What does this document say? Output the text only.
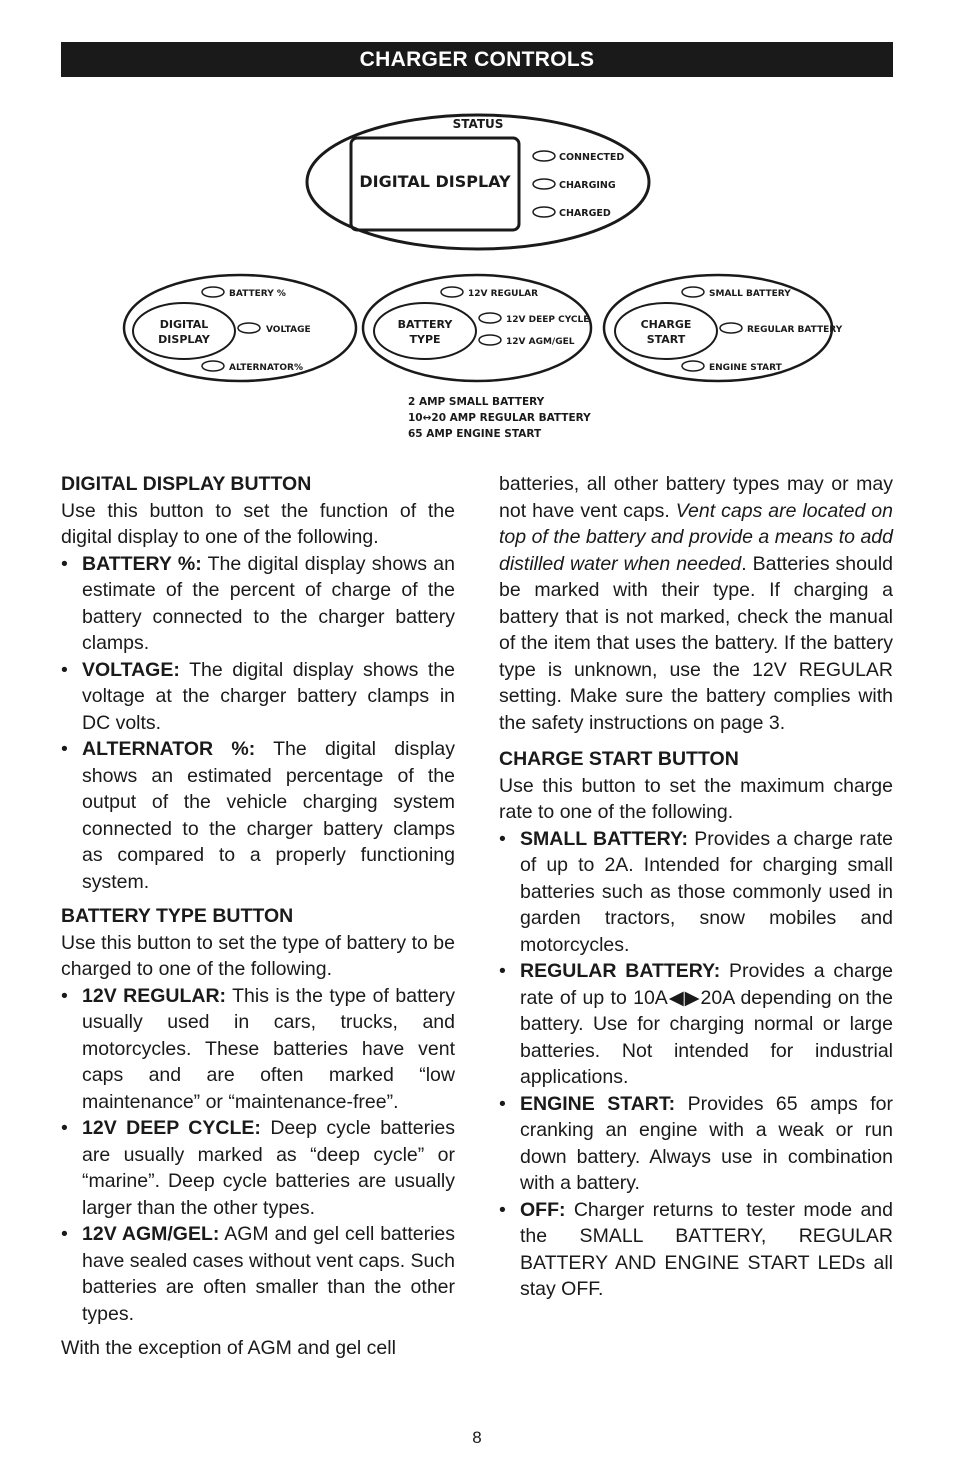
CHARGER CONTROLS
STATUS
DIGITAL DISPLAY
CONNECTED
CHARGING
CHARGED
DIGITAL
DISPLAY
BATTERY %
VOLTAGE
ALTERNATOR%
BATTERY
TYPE
12V REGULAR
12V DEEP CYCLE
12V AGM/GEL
CHARGE
START
SMALL BATTERY
REGULAR BATTERY
ENGINE START
2 AMP SMALL BATTERY
10↔20 AMP REGULAR BATTERY
65 AMP ENGINE START

DIGITAL DISPLAY BUTTON

Use this button to set the function of the digital display to one of the following.

• BATTERY %: The digital display shows an estimate of the percent of charge of the battery connected to the charger battery clamps.
• VOLTAGE: The digital display shows the voltage at the charger battery clamps in DC volts.
• ALTERNATOR %: The digital display shows an estimated percentage of the output of the vehicle charging system connected to the charger battery clamps as compared to a properly functioning system.

BATTERY TYPE BUTTON

Use this button to set the type of battery to be charged to one of the following.

• 12V REGULAR: This is the type of battery usually used in cars, trucks, and motorcycles. These batteries have vent caps and are often marked “low maintenance” or “maintenance-free”.
• 12V DEEP CYCLE: Deep cycle batteries are usually marked as “deep cycle” or “marine”. Deep cycle batteries are usually larger than the other types.
• 12V AGM/GEL: AGM and gel cell batteries have sealed cases without vent caps. Such batteries are often smaller than the other types.

With the exception of AGM and gel cell

batteries, all other battery types may or may not have vent caps. Vent caps are located on top of the battery and provide a means to add distilled water when needed. Batteries should be marked with their type. If charging a battery that is not marked, check the manual of the item that uses the battery. If the battery type is unknown, use the 12V REGULAR setting. Make sure the battery complies with the safety instructions on page 3.

CHARGE START BUTTON

Use this button to set the maximum charge rate to one of the following.

• SMALL BATTERY: Provides a charge rate of up to 2A. Intended for charging small batteries such as those commonly used in garden tractors, snow mobiles and motorcycles.
• REGULAR BATTERY: Provides a charge rate of up to 10A◀▶20A depending on the battery. Use for charging normal or large batteries. Not intended for industrial applications.
• ENGINE START: Provides 65 amps for cranking an engine with a weak or run down battery. Always use in combination with a battery.
• OFF: Charger returns to tester mode and the SMALL BATTERY, REGULAR BATTERY AND ENGINE START LEDs all stay OFF.
8
